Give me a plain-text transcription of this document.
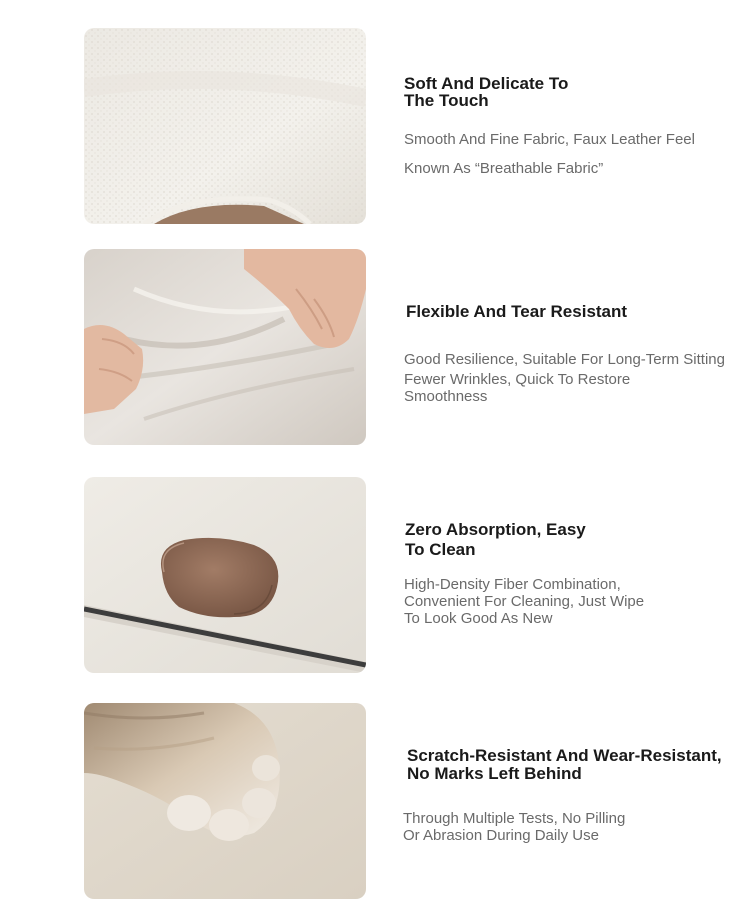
Soft And Delicate To
The Touch

Smooth And Fine Fabric, Faux Leather Feel

Known As “Breathable Fabric”

Flexible And Tear Resistant

Good Resilience, Suitable For Long-Term Sitting

Fewer Wrinkles, Quick To Restore
Smoothness

Zero Absorption, Easy
To Clean

High-Density Fiber Combination,
Convenient For Cleaning, Just Wipe
To Look Good As New

Scratch-Resistant And Wear-Resistant,
No Marks Left Behind

Through Multiple Tests, No Pilling
Or Abrasion During Daily Use
